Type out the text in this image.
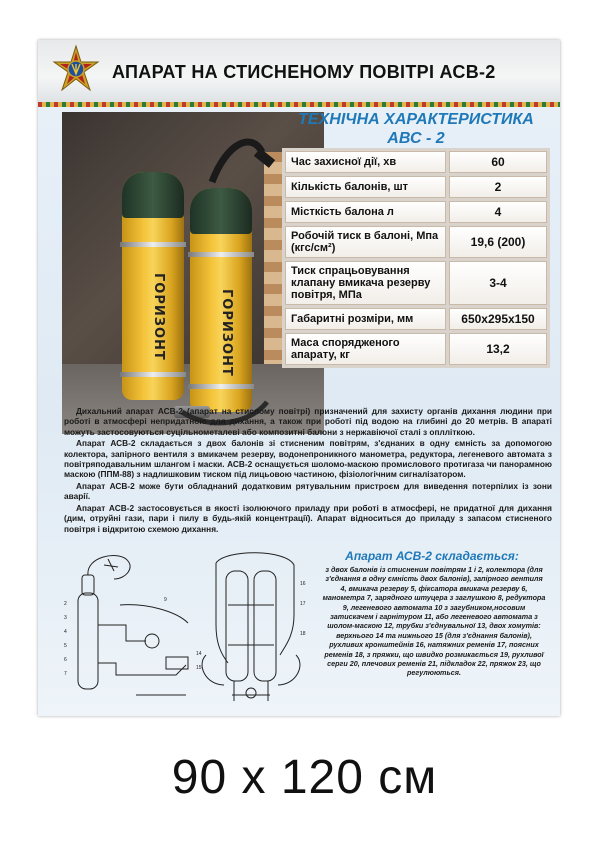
АПАРАТ НА СТИСНЕНОМУ ПОВІТРІ АСВ-2
ГОРИЗОНТ	ГОРИЗОНТ
ТЕХНІЧНА ХАРАКТЕРИСТИКА
АВС - 2
Час захисної дії, хв	60
Кількість балонів, шт	2
Місткість балона л	4
Робочій тиск в балоні, Мпа (кгс/см²)	19,6 (200)
Тиск спрацьовування клапану вмикача резерву повітря, МПа	3-4
Габаритні розміри, мм	650х295х150
Маса спорядженого апарату, кг	13,2

Дихальний апарат АСВ-2 (апарат на стислому повітрі) призначений для захисту органів дихання людини при роботі в атмосфері непридатною для дихання, а також при роботі під водою на глибині до 20 метрів. В апараті можуть застосовуються суцільнометалеві або композитні балони з нержавіючої сталі з оплліткою.

Апарат АСВ-2 складається з двох балонів зі стисненим повітрям, з'єднаних в одну ємність за допомогою колектора, запірного вентиля з вмикачем резерву, водонепроникного манометра, редуктора, легеневого автомата з повітряподавальним шлангом і маски. АСВ-2 оснащується шоломо-маскою промислового протигаза чи панорамною маскою (ППМ-88) з надлишковим тиском під лицьовою частиною, фізіологічним сигналізатором.

Апарат АСВ-2 може бути обладнаний додатковим рятувальним пристроєм для виведення потерпілих із зони аварії.

Апарат АСВ-2 застосовується в якості ізолюючого приладу при роботі в атмосфері, не придатної для дихання (дим, отруйні гази, пари і пилу в будь-якій концентрації). Апарат відноситься до приладу з запасом стисненого повітря і відкритою схемою дихання.

2
3
4
5
6
7
9
14
15
16
17
18
Апарат АСВ-2 складається:
з двох балонів із стисненим повітрям 1 і 2, колектора (для з'єднання в одну ємність двох балонів), запірного вентиля 4, вмикача резерву 5, фіксатора вмикача резерву 6, манометра 7, зарядного штуцера з заглушкою 8, редуктора 9, легеневого автомата 10 з загубником,носовим затискачем і гарнітуром 11, або легеневого автомата з шолом-маскою 12, трубки з'єднувальної 13, двох хомутів: верхнього 14 та нижнього 15 (для з'єднання балонів), рухливих кронштейнів 16, натяжних ременів 17, поясних ременів 18, з пряжки, що швидко розмикається 19, рухливої серги 20, плечових ременів 21, підкладок 22, пряжок 23, що регулюються.
90 х 120 см
